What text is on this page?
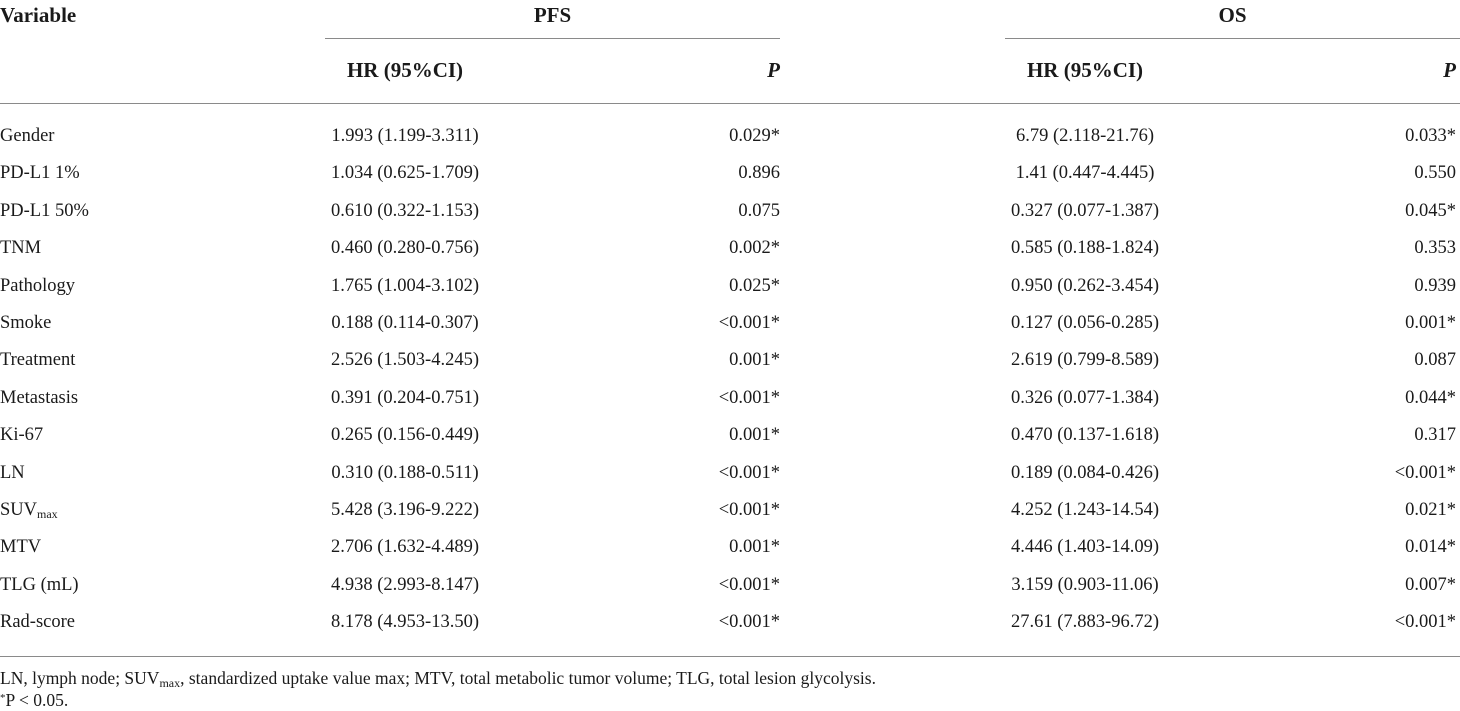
Variable	PFS	OS
HR (95%CI)	P	HR (95%CI)	P
Gender	1.993 (1.199-3.311)	0.029*	6.79 (2.118-21.76)	0.033*
PD-L1 1%	1.034 (0.625-1.709)	0.896	1.41 (0.447-4.445)	0.550
PD-L1 50%	0.610 (0.322-1.153)	0.075	0.327 (0.077-1.387)	0.045*
TNM	0.460 (0.280-0.756)	0.002*	0.585 (0.188-1.824)	0.353
Pathology	1.765 (1.004-3.102)	0.025*	0.950 (0.262-3.454)	0.939
Smoke	0.188 (0.114-0.307)	<0.001*	0.127 (0.056-0.285)	0.001*
Treatment	2.526 (1.503-4.245)	0.001*	2.619 (0.799-8.589)	0.087
Metastasis	0.391 (0.204-0.751)	<0.001*	0.326 (0.077-1.384)	0.044*
Ki-67	0.265 (0.156-0.449)	0.001*	0.470 (0.137-1.618)	0.317
LN	0.310 (0.188-0.511)	<0.001*	0.189 (0.084-0.426)	<0.001*
$SUV_{max}$	5.428 (3.196-9.222)	<0.001*	4.252 (1.243-14.54)	0.021*
MTV	2.706 (1.632-4.489)	0.001*	4.446 (1.403-14.09)	0.014*
TLG (mL)	4.938 (2.993-8.147)	<0.001*	3.159 (0.903-11.06)	0.007*
Rad-score	8.178 (4.953-13.50)	<0.001*	27.61 (7.883-96.72)	<0.001*
LN, lymph node; $SUV_{max}$, standardized uptake value max; MTV, total metabolic tumor volume; TLG, total lesion glycolysis.
*P < 0.05.
